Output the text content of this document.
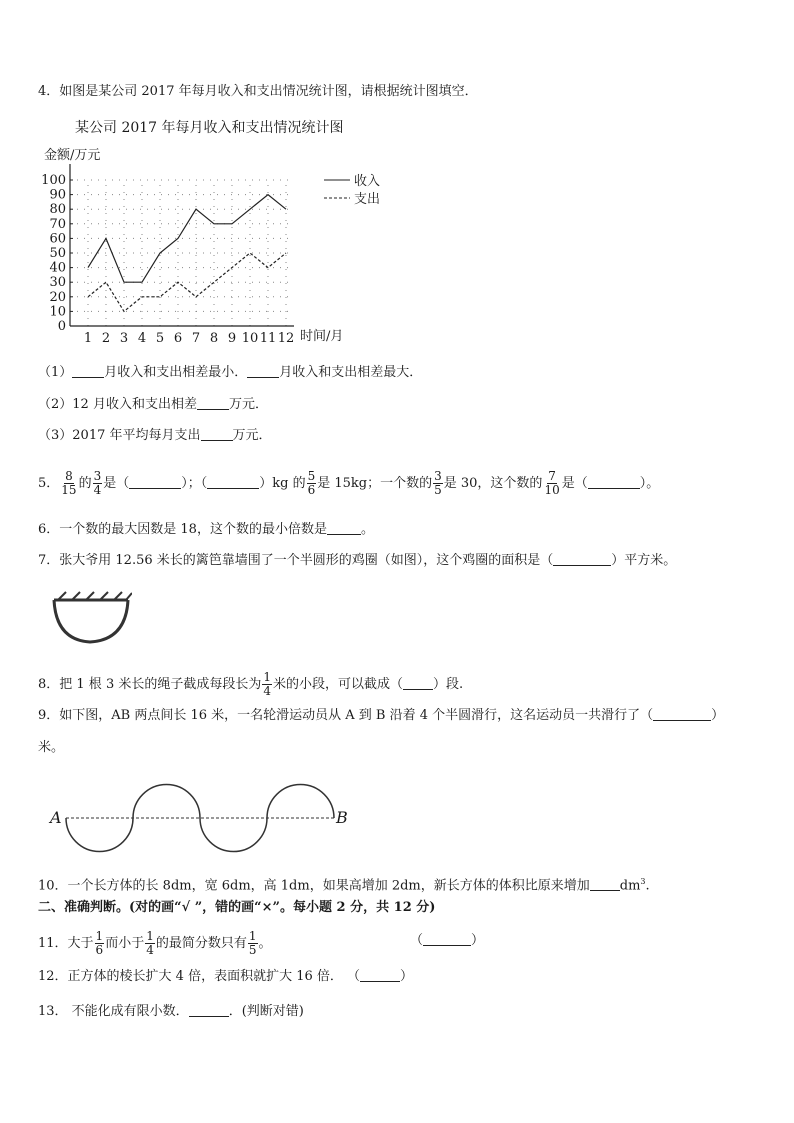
4．如图是某公司 2017 年每月收入和支出情况统计图，请根据统计图填空．
某公司 2017 年每月收入和支出情况统计图
金额/万元
时间/月
0
10
20
30
40
50
60
70
80
90
100
1 2 3 4 5 6 7 8 9 10 11 12
收入
支出
（1） 月收入和支出相差最小． 月收入和支出相差最大．
（2）12 月收入和支出相差 万元．
（3）2017 年平均每月支出 万元．
5． $\frac{8}{15}$ 的 $\frac{3}{4}$ 是（	）；（	）kg 的 $\frac{5}{6}$ 是 15kg；一个数的 $\frac{3}{5}$ 是 30，这个数的 $\frac{7}{10}$ 是（	）。
6．一个数的最大因数是 18，这个数的最小倍数是	。
7．张大爷用 12.56 米长的篱笆靠墙围了一个半圆形的鸡圈（如图），这个鸡圈的面积是（	）平方米。
8．把 1 根 3 米长的绳子截成每段长为 $\frac{1}{4}$ 米的小段，可以截成（ ）段.
9．如下图，AB 两点间长 16 米，一名轮滑运动员从 A 到 B 沿着 4 个半圆滑行，这名运动员一共滑行了（	）
米。
A	B
10．一个长方体的长 8dm，宽 6dm，高 1dm，如果高增加 2dm，新长方体的体积比原来增加 $dm^3$.
二、准确判断。(对的画“√ ”，错的画“×”。每小题 2 分，共 12 分)
11．大于 $\frac{1}{6}$ 而小于 $\frac{1}{4}$ 的最简分数只有 $\frac{1}{5}$ 。	（	）
12．正方体的棱长扩大 4 倍，表面积就扩大 16 倍． （	）
13． 不能化成有限小数．	．(判断对错)
